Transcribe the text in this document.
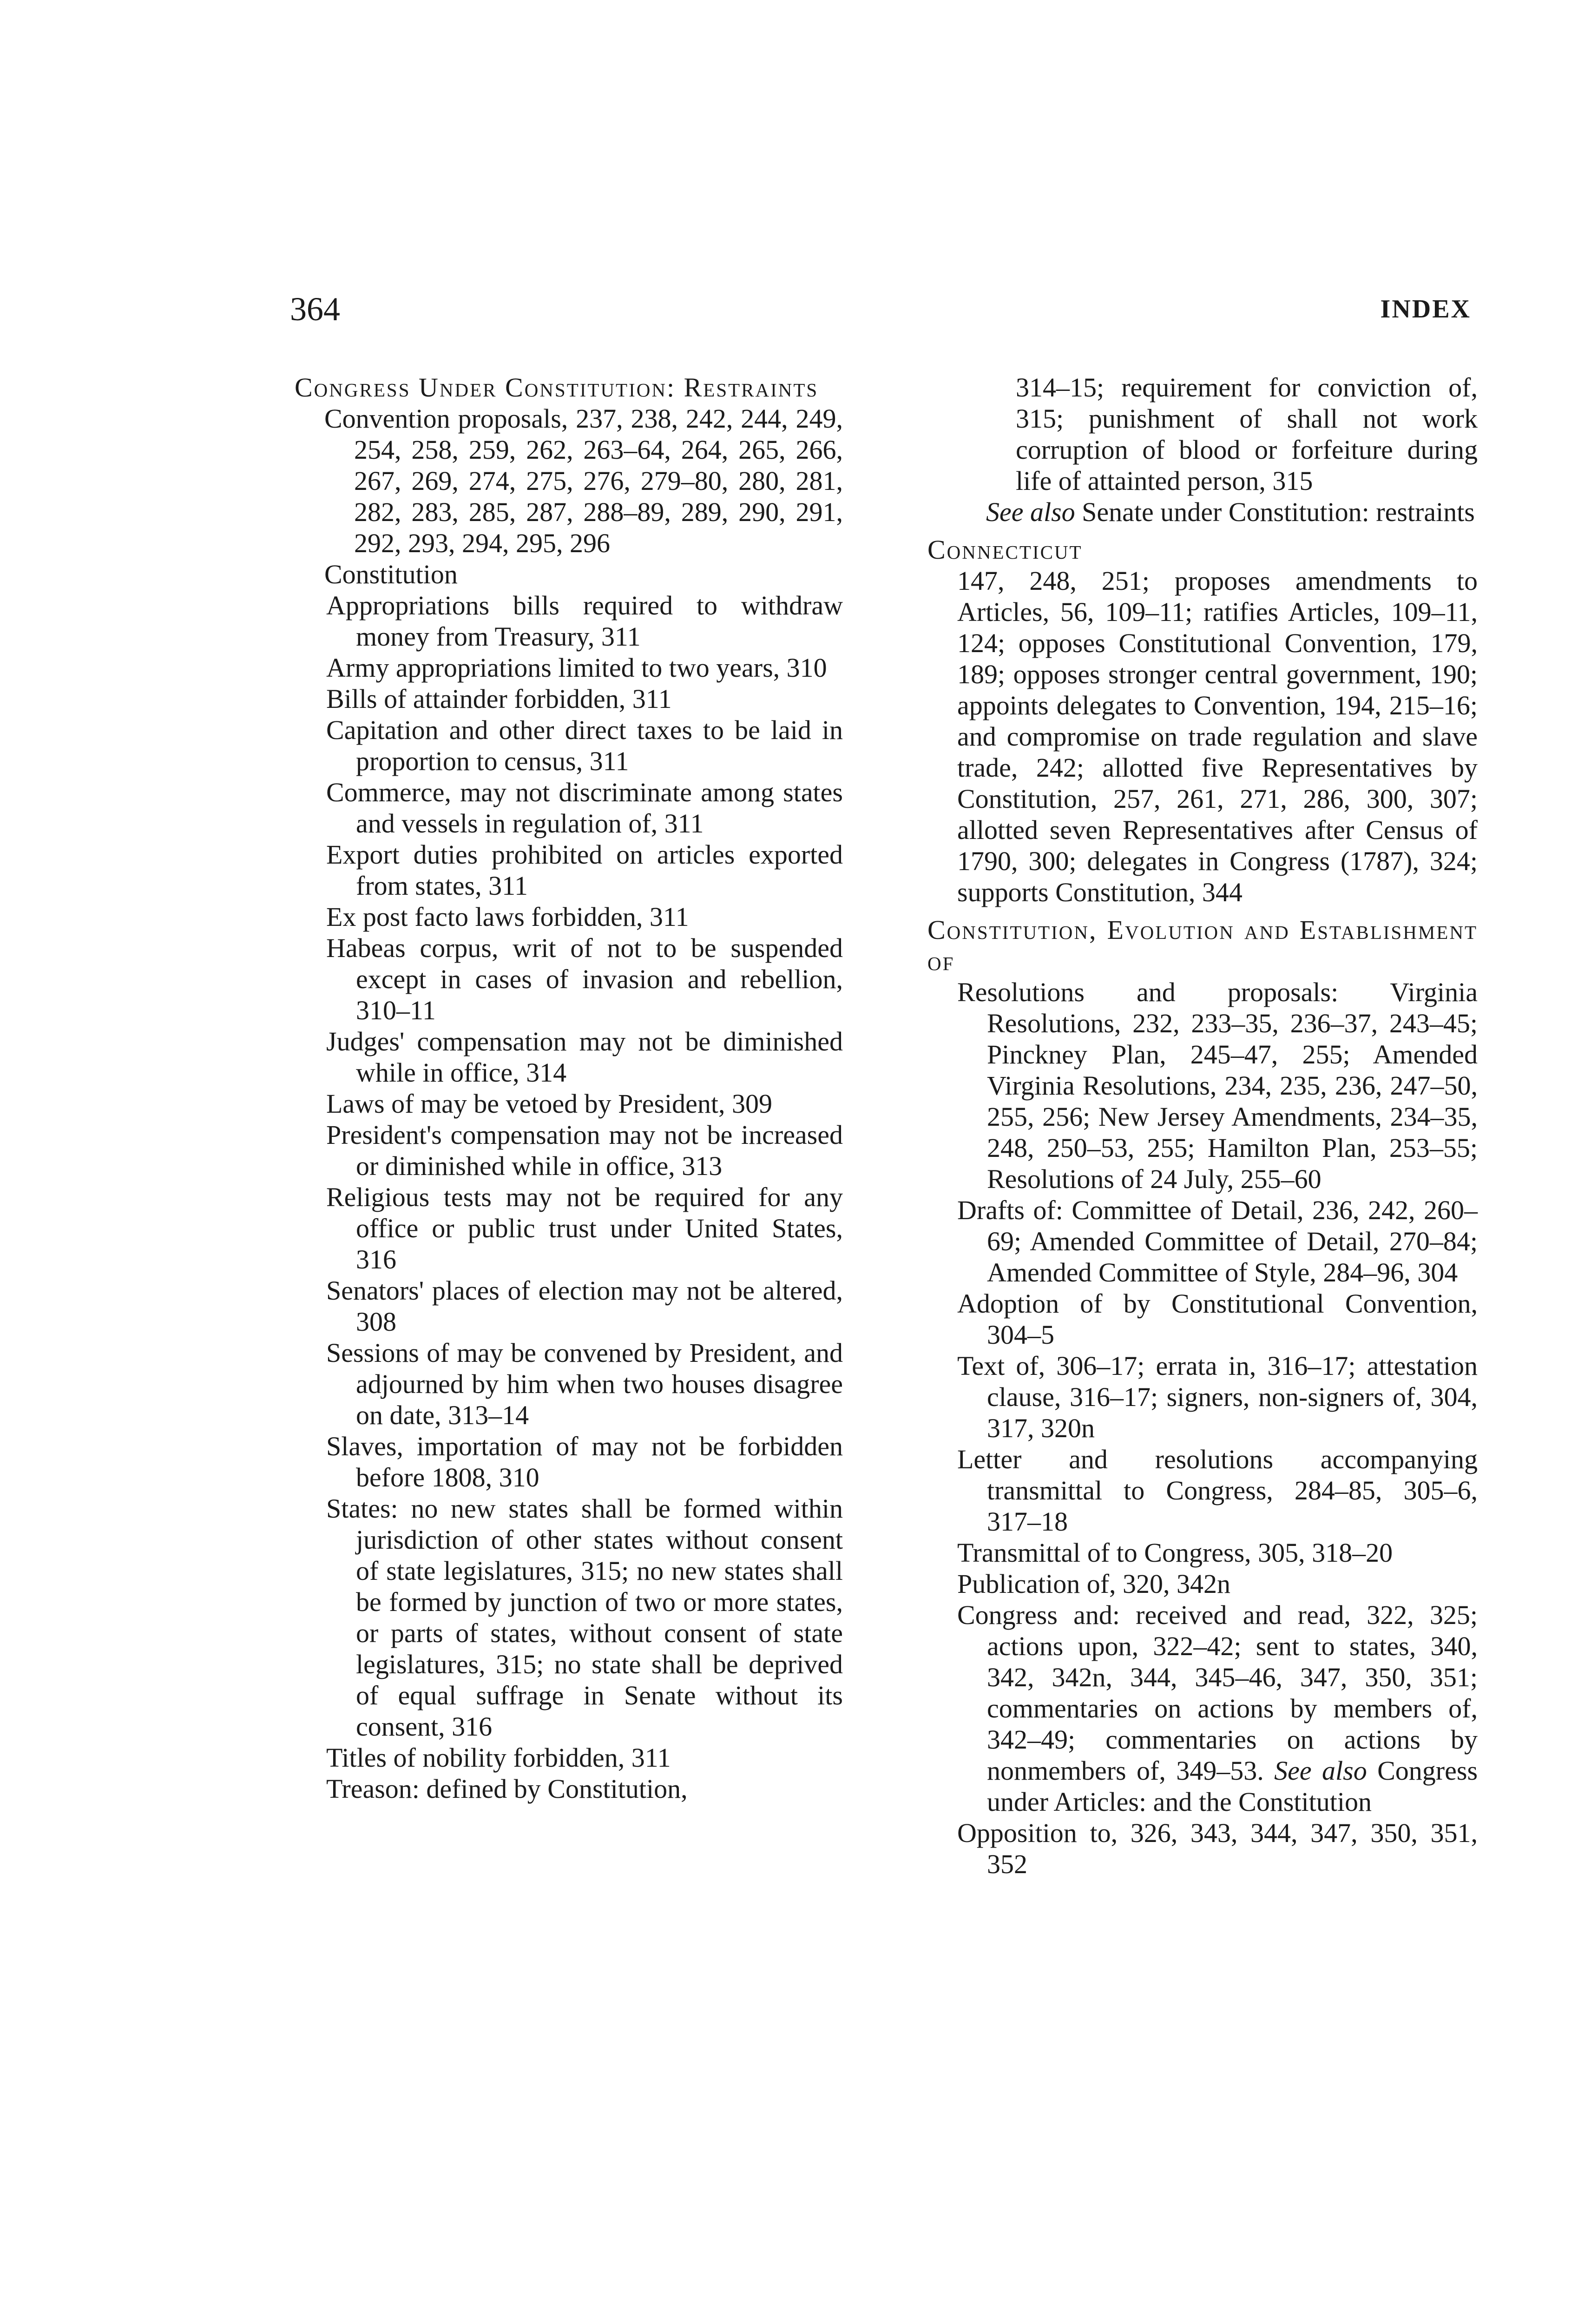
364	INDEX
Congress Under Constitution: Restraints
Convention proposals, 237, 238, 242, 244, 249, 254, 258, 259, 262, 263–64, 264, 265, 266, 267, 269, 274, 275, 276, 279–80, 280, 281, 282, 283, 285, 287, 288–89, 289, 290, 291, 292, 293, 294, 295, 296
Constitution
Appropriations bills required to withdraw money from Treasury, 311
Army appropriations limited to two years, 310
Bills of attainder forbidden, 311
Capitation and other direct taxes to be laid in proportion to census, 311
Commerce, may not discriminate among states and vessels in regulation of, 311
Export duties prohibited on articles exported from states, 311
Ex post facto laws forbidden, 311
Habeas corpus, writ of not to be suspended except in cases of invasion and rebellion, 310–11
Judges' compensation may not be diminished while in office, 314
Laws of may be vetoed by President, 309
President's compensation may not be increased or diminished while in office, 313
Religious tests may not be required for any office or public trust under United States, 316
Senators' places of election may not be altered, 308
Sessions of may be convened by President, and adjourned by him when two houses disagree on date, 313–14
Slaves, importation of may not be forbidden before 1808, 310
States: no new states shall be formed within jurisdiction of other states without consent of state legislatures, 315; no new states shall be formed by junction of two or more states, or parts of states, without consent of state legislatures, 315; no state shall be deprived of equal suffrage in Senate without its consent, 316
Titles of nobility forbidden, 311
Treason: defined by Constitution,
314–15; requirement for conviction of, 315; punishment of shall not work corruption of blood or forfeiture during life of attainted person, 315
See also Senate under Constitution: restraints
Connecticut
147, 248, 251; proposes amendments to Articles, 56, 109–11; ratifies Articles, 109–11, 124; opposes Constitutional Convention, 179, 189; opposes stronger central government, 190; appoints delegates to Convention, 194, 215–16; and compromise on trade regulation and slave trade, 242; allotted five Representatives by Constitution, 257, 261, 271, 286, 300, 307; allotted seven Representatives after Census of 1790, 300; delegates in Congress (1787), 324; supports Constitution, 344
Constitution, Evolution and Establishment of
Resolutions and proposals: Virginia Resolutions, 232, 233–35, 236–37, 243–45; Pinckney Plan, 245–47, 255; Amended Virginia Resolutions, 234, 235, 236, 247–50, 255, 256; New Jersey Amendments, 234–35, 248, 250–53, 255; Hamilton Plan, 253–55; Resolutions of 24 July, 255–60
Drafts of: Committee of Detail, 236, 242, 260–69; Amended Committee of Detail, 270–84; Amended Committee of Style, 284–96, 304
Adoption of by Constitutional Convention, 304–5
Text of, 306–17; errata in, 316–17; attestation clause, 316–17; signers, non-signers of, 304, 317, 320n
Letter and resolutions accompanying transmittal to Congress, 284–85, 305–6, 317–18
Transmittal of to Congress, 305, 318–20
Publication of, 320, 342n
Congress and: received and read, 322, 325; actions upon, 322–42; sent to states, 340, 342, 342n, 344, 345–46, 347, 350, 351; commentaries on actions by members of, 342–49; commentaries on actions by nonmembers of, 349–53. See also Congress under Articles: and the Constitution
Opposition to, 326, 343, 344, 347, 350, 351, 352
